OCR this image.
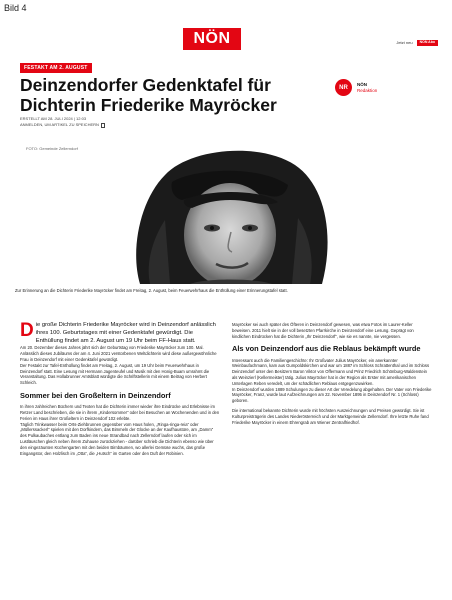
Bild 4
NÖN	Jetzt neu	NÖN Abo
FESTAKT AM 2. AUGUST
Deinzendorfer Gedenktafel für Dichterin Friederike Mayröcker
ERSTELLT AM 28. JULI 2024 | 12:03
ANMELDEN, UM ARTIKEL ZU SPEICHERN
NR
NÖN
Redaktion
FOTO: Gemeinde Zellerndorf
Zur Erinnerung an die Dichterin Friederike Mayröcker findet am Freitag, 2. August, beim Feuerwehrhaus die Enthüllung einer Erinnerungstafel statt.

Die große Dichterin Friederike Mayröcker wird in Deinzendorf anlässlich ihres 100. Geburtstages mit einer Gedenktafel gewürdigt. Die Enthüllung findet am 2. August um 19 Uhr beim FF-Haus statt.

Am 20. Dezember dieses Jahres jährt sich der Geburtstag von Friederike Mayröcker zum 100. Mal. Anlässlich dieses Jubiläums der am 4. Juni 2021 verstorbenen Weltdichterin wird diese außergewöhnliche Frau in Deinzendorf mit einer Gedenktafel gewürdigt.

Der Festakt zur Tafel-Enthüllung findet am Freitag, 2. August, um 19 Uhr beim Feuerwehrhaus in Deinzendorf statt. Eine Lesung mit Hermann Jagenteufel und Musik mit den Honig-Buam umrahmt die Veranstaltung. Das Hollabrunner Amtsblatt würdigte die Schriftstellerin mit einem Beitrag von Herbert Schleich.

Sommer bei den Großeltern in Deinzendorf

In ihren zahlreichen Büchern und Texten hat die Dichterin immer wieder ihre Eindrücke und Erlebnisse im Retzer Land beschrieben, die sie in ihrem „Kindersommer“ oder bei Besuchen an Wochenenden und in den Ferien im Haus ihrer Großeltern in Deinzendorf 102 erlebte.

Täglich Trinkwasser beim Orts-Ziehbrunnen gegenüber vom Haus holen, „Ringa-ringa-reia“ oder „Müllerssackerl“ spielen mit den Dorfkindern, das Bimmeln der Glocke an der Kaufhaustüre, am „Damm“ des Pulkaubaches entlang zum Baden ins neue Strandbad nach Zellerndorf laufen oder sich im Lustläuschen gleich neben ihrem Zuhause zurückziehen - darüber schrieb die Dichterin ebenso wie über den eingezäunten Küchengarten mit den beiden Birnbäumen, wo allerlei Gemüse wuchs, das große Eingangstor, den Holzlisch im „Otta“, die „Hutsch“ im Garten oder den Duft der Robinien.

Mayröcker sei auch später des Öfteren in Deinzendorf gewesen, was etwa Fotos im Laurer-Keller beweisen. 2011 hielt sie in der voll besetzten Pfarrkirche in Deinzendorf eine Lesung. Geprägt von kindlichen Eindrücken hat die Dichterin „Ihr Deinzendorf“, wie sie es nannte, nie vergessen.

Als von Deinzendorf aus die Reblaus bekämpft wurde

Interessant auch die Familiengeschichte: Ihr Großvater Julius Mayröcker, ein anerkannter Weinbaufachmann, kam aus Gumpoldskirchen und war um 1887 im Schloss Schrattenthal und im Schloss Deinzendorf unter den Besitzern Baron Viktor von Offermann und Prinz Friedrich Schönburg-Waldenstein als Weinzierl (Kellermeister) tätig. Julius Mayröcker hat in der Region als Erster mit amerikanischen Unterlagen Reben veredelt, um der schädlichen Reblaus entgegenzuwirken.

In Deinzendorf wurden 1889 Schulungen zu dieser Art der Veredelung abgehalten. Der Vater von Friederike Mayröcker, Franz, wurde laut Aufzeichnungen am 22. November 1895 in Deinzendorf Nr. 1 (Schloss) geboren.

Die international bekannte Dichterin wurde mit höchsten Auszeichnungen und Preisen gewürdigt. Sie ist Kulturpreisträgerin des Landes Niederösterreich und der Marktgemeinde Zellerndorf. Ihre letzte Ruhe fand Friederike Mayröcker in einem Ehrengrab am Wiener Zentralfriedhof.
